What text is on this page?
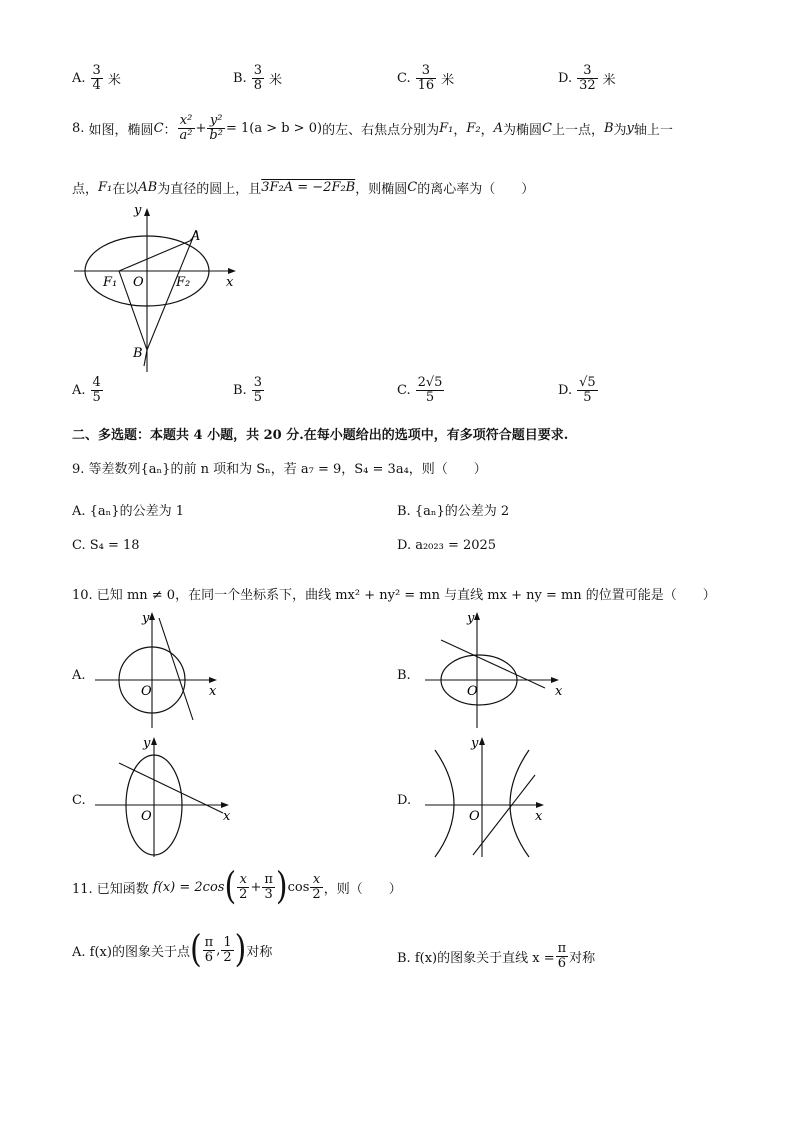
A. $\frac{3}{4}$ 米	B. $\frac{3}{8}$ 米	C. $\frac{3}{16}$ 米	D. $\frac{3}{32}$ 米
8.
如图，椭圆 C ： $\frac{\text{x²}}{\text{a²}} + \frac{\text{y²}}{\text{b²}} = 1(a > b > 0)$ 的左、右焦点分别为 F₁ ， F₂ ， A 为椭圆 C 上一点， B 为 y 轴上一
点， F₁ 在以 AB 为直径的圆上，且 3F₂A = −2F₂B ，则椭圆 C 的离心率为（　　）
y
A
F₁ O F₂	x
B
A. $\frac{4}{5}$	B. $\frac{3}{5}$	C. $\frac{2√5}{5}$	D. $\frac{√5}{5}$
二、多选题：本题共 4 小题，共 20 分.在每小题给出的选项中，有多项符合题目要求.
9. 等差数列{aₙ}的前 n 项和为 Sₙ，若 a₇ = 9，S₄ = 3a₄，则（　　）
A. {aₙ}的公差为 1	B. {aₙ}的公差为 2
C. S₄ = 18	D. a₂₀₂₃ = 2025
10. 已知 mn ≠ 0，在同一个坐标系下，曲线 mx² + ny² = mn 与直线 mx + ny = mn 的位置可能是（　　）
A.	B.
C.	D.
y
O	x
y
O	x
y
O	x
y
O	x
11. 已知函数
f(x) = 2cos ( $\frac{x}{2} + \frac{\pi}{3}$ ) $\cos \frac{x}{2}$ ，则（　　）
A. f(x)的图象关于点 ( $\frac{\pi}{6}$ , $\frac{1}{2}$ ) 对称	B. f(x)的图象关于直线 $x = \frac{\pi}{6}$ 对称
